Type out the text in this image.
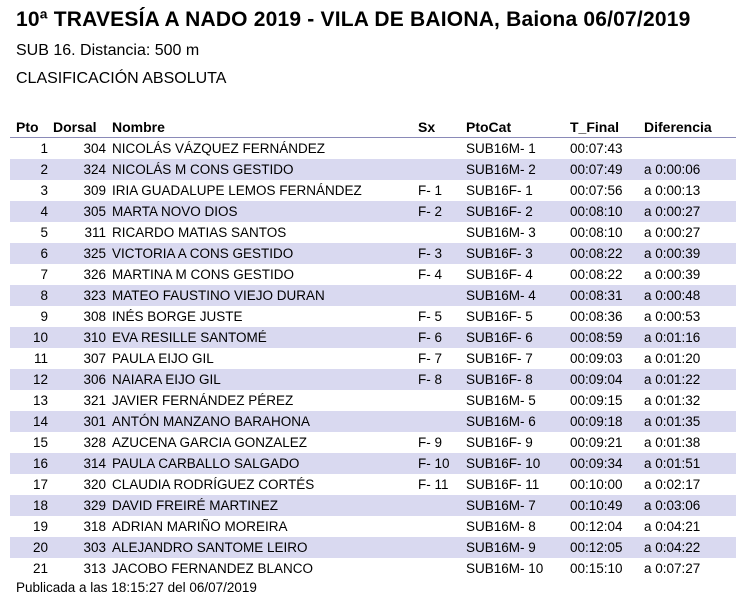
10ª TRAVESÍA A NADO 2019 - VILA DE BAIONA, Baiona 06/07/2019
SUB 16. Distancia: 500 m
CLASIFICACIÓN ABSOLUTA
Pto Dorsal Nombre	Sx PtoCat	T_Final Diferencia
1	304 NICOLÁS VÁZQUEZ FERNÁNDEZ	SUB16M- 1	00:07:43
2	324 NICOLÁS M CONS GESTIDO	SUB16M- 2	00:07:49 a 0:00:06
3	309 IRIA GUADALUPE LEMOS FERNÁNDEZ	F- 1 SUB16F- 1	00:07:56 a 0:00:13
4	305 MARTA NOVO DIOS	F- 2 SUB16F- 2	00:08:10 a 0:00:27
5	311 RICARDO MATIAS SANTOS	SUB16M- 3	00:08:10 a 0:00:27
6	325 VICTORIA A CONS GESTIDO	F- 3 SUB16F- 3	00:08:22 a 0:00:39
7	326 MARTINA M CONS GESTIDO	F- 4 SUB16F- 4	00:08:22 a 0:00:39
8	323 MATEO FAUSTINO VIEJO DURAN	SUB16M- 4	00:08:31 a 0:00:48
9	308 INÉS BORGE JUSTE	F- 5 SUB16F- 5	00:08:36 a 0:00:53
10	310 EVA RESILLE SANTOMÉ	F- 6 SUB16F- 6	00:08:59 a 0:01:16
11	307 PAULA EIJO GIL	F- 7 SUB16F- 7	00:09:03 a 0:01:20
12	306 NAIARA EIJO GIL	F- 8 SUB16F- 8	00:09:04 a 0:01:22
13	321 JAVIER FERNÁNDEZ PÉREZ	SUB16M- 5	00:09:15 a 0:01:32
14	301 ANTÓN MANZANO BARAHONA	SUB16M- 6	00:09:18 a 0:01:35
15	328 AZUCENA GARCIA GONZALEZ	F- 9 SUB16F- 9	00:09:21 a 0:01:38
16	314 PAULA CARBALLO SALGADO	F- 10 SUB16F- 10 00:09:34 a 0:01:51
17	320 CLAUDIA RODRÍGUEZ CORTÉS	F- 11 SUB16F- 11 00:10:00 a 0:02:17
18	329 DAVID FREIRÉ MARTINEZ	SUB16M- 7	00:10:49 a 0:03:06
19	318 ADRIAN MARIÑO MOREIRA	SUB16M- 8	00:12:04 a 0:04:21
20	303 ALEJANDRO SANTOME LEIRO	SUB16M- 9	00:12:05 a 0:04:22
21	313 JACOBO FERNANDEZ BLANCO	SUB16M- 10 00:15:10 a 0:07:27
Publicada a las 18:15:27 del 06/07/2019
